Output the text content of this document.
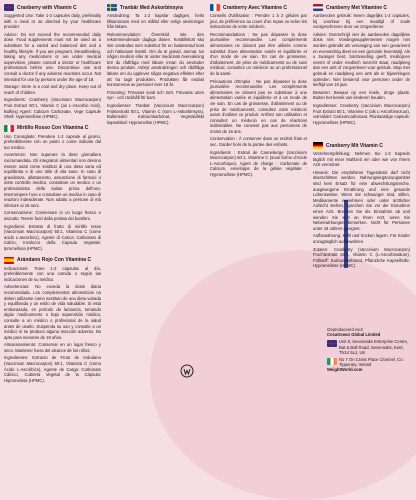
Cranberry with Vitamin C

Suggested Use: Take 1-2 capsules daily, preferably with a meal or as directed by your healthcare provider.

Advice: Do not exceed the recommended daily dose. Food supplements must not be used as a substitute for a varied and balanced diet and a healthy lifestyle. If you are pregnant, breastfeeding, taking any medications or are under medical supervision, please consult a doctor or healthcare professional before use. Discontinue use and consult a doctor if any adverse reactions occur. Not intended for use by persons under the age of 18.

Storage: Store in a cool and dry place. Keep out of reach of children.

Ingredients: Cranberry (Vaccinium Macrocarpon) Fruit Extract 50:1, Vitamin C (as L-Ascorbic Acid), Bulking Agent: Calcium Carbonate, Vege Capsule Shell: Hypromellose (HPMC).

Mirtillo Rosso Con Vitamina C

Uso Consigliato: Prendere 1-2 capsule al giorno, preferibilmente con un pasto o come indicato dal tuo medico.

Avvertenze: Non superare la dose giornaliera raccomandata. Gli integratori alimentari non devono essere usati come sostituti di una dieta varia ed equilibrata e di uno stile di vita sano. In caso di gravidanza, allattamento, assunzione di farmaci o sotto controllo medico, consultare un medico o un professionista della salute prima dell'uso. Interrompere l'uso e consultare un medico in caso di reazioni indesiderate. Non adatto a persone di età inferiore ai 18 anni.

Conservazione: Conservare in un luogo fresco e asciutto. Tenere fuori dalla portata dei bambini.

Ingredienti: Estratto di frutto di mirtillo rosso (Vaccinium Macrocarpon) 50:1, Vitamina C (come acido L-ascorbico), Agente di Carica: Carbonato di Calcio, Involucro della Capsula Vegetale: Ipromellosa (HPMC).

Arándano Rojo Con Vitamina C

Indicaciones: Tome 1-2 cápsulas al día, preferiblemente con una comida o según las indicaciones de su médico.

Advertencias: No exceda la dosis diaria recomendada. Los complementos alimenticios no deben utilizarse como sustituto de una dieta variada y equilibrada y un estilo de vida saludable. Si está embarazada, en período de lactancia, tomando algún medicamento o bajo supervisión médica, consulte a un médico o profesional de la salud antes de usarlo. Suspenda su uso y consulte a un médico si se produce alguna reacción adversa. No apto para menores de 18 años.

Almacenamiento: Conservar en un lugar fresco y seco. Mantener fuera del alcance de los niños.

Ingredientes: Extracto de Fruto de Arándano (Vaccinium Macrocarpon) 50:1, Vitamina C (como Ácido L-Ascórbico), Agente de Carga: Carbonato Cálcico, Cubierta Vegetal de la Cápsula: Hipromelosa (HPMC).

Tranbär Med Askorbinsyra

Användning: Ta 1-2 kapslar dagligen, helst tillsammans med en måltid eller enligt anvisningar från läkare.

Rekommendation: Överskrid inte den rekommenderade dagliga dosen. Kosttillskott ska inte användas som substitut för en balanserad kost och hälsosam livsstil. Om du är gravid, ammar, tar någon medicin eller är under medicinsk övervakning bör du rådfråga med läkare innan du använder denna produkt. Avbryt användningen och rådfråga läkare om du upplever några negativa effekter efter att ha tagit produkten. Produkten får endast konsumeras av personer över 18 år.

Förvaring: Förvaras svalt och torrt. Förvaras utom syn - och räckhåll för barn.

Ingredienser: Tranbär (Vaccinium Macrocarpon) Fruktextrakt 50:1, Vitamin C (som L-Askorbinsyra), Bulkmedel: Kalciumkarbonat, Vegetabiliskt kapselskal: Hypromellos (HPMC).

Cranberry Avec Vitamine C

Conseils d'Utilisation : Prendre 1 à 2 gélules par jour, de préférence au cours d'un repas ou selon les instructions de votre médecin.

Recommandations : Ne pas dépasser la dose journalière recommandée. Les compléments alimentaires ne doivent pas être utilisés comme substitut d'une alimentation variée et équilibrée et d'un mode de vie sain. En cas de grossesse, d'allaitement, de prise de médicaments ou de suivi médical, consultez un médecin ou un professionnel de la santé.

Précautions d'Emploi : Ne pas dépasser la dose journalière recommandée. Les compléments alimentaires ne doivent pas se substituer à une alimentation variée et équilibrée et à un mode de vie sain. En cas de grossesse, d'allaitement ou de prise de médicaments, consultez votre médecin avant d'utiliser ce produit. Arrêtez son utilisation et consultez un médecin en cas de réactions indésirables. Ne convient pas aux personnes de moins de 18 ans.

Conservation : À conserver dans un endroit frais et sec. Garder hors de la portée des enfants.

Ingrédients : Extrait de Canneberge (Vaccinium Macrocarpon) 50:1, Vitamine C (sous forme d'Acide L-Ascorbique), Agent de charge : Carbonate de Calcium, enveloppe de la gélule végétale : Hypromellose (HPMC).

Cranberry Met Vitamine C

Aanbevolen gebruik: Neem dagelijks 1-2 capsules, bij voorkeur bij een maaltijd of zoals voorgeschreven door uw zorgverlener.

Advies: Overschrijd niet de aanbevolen dagelijkse dosis niet. Voedingssupplementen mogen niet worden gebruikt als vervanging van een gevarieerd en evenwichtig dieet en een gezonde levensstijl. Als u zwanger bent, borstvoeding geeft, medicijnen neemt of onder medisch toezicht staat, raadpleeg dan een arts of zorgverlener voor gebruik. Stop met gebruik en raadpleeg een arts als er bijwerkingen optreden. Niet bestemd voor personen onder de leeftijd van 18 jaar.

Bewaren: Bewaar op een koele, droge plaats. Buiten het bereik van kinderen houden.

Ingrediënten: Cranberry (Vaccinium Macrocarpon) Fruit Extract 50:1, Vitamine C (als L-Ascorbinezuur), vulmiddel: Calciumcarbonaat, Plantaardige capsule: Hypromellose (HPMC).

Cranberry Mit Vitamin C

Verzehrempfehlung: Nehmen Sie 1-2 Kapseln täglich mit einer Mahlzeit ein oder wie von Ihrem Arzt verordnet.

Hinweis: Die empfohlene Tagesdosis darf nicht überschritten werden. Nahrungsergänzungsmittel sind kein Ersatz für eine abwechslungsreiche, ausgewogene Ernährung und eine gesunde Lebensweise. Wenn Sie schwanger sind, stillen, Medikamente einnehmen oder unter ärztlicher Aufsicht stehen, sprechen Sie vor der Einnahme einen Arzt. Brechen Sie die Einnahme ab und wenden Sie sich an Ihren Arzt, wenn Sie Nebenwirkungen bemerken. Nicht für Personen unter 18 Jahren geeignet.

Aufbewahrung: Kühl und trocken lagern. Für Kinder unzugänglich aufbewahren.

Zutaten: Cranberry (Vaccinium Macrocarpon) Fruchtextrakt 50:1, Vitamin C (L-Ascorbinsäure), Füllstoff: Kalziumkarbonat, Pflanzliche Kapselhülle: Hypromellose (HPMC).

Geproduceerd voor

CosaOcean Global Limited

Unit 8, Sevenoaks Enterprise Centre, Bat & Ball Road, Sevenoaks, Kent, TN14 5LJ, UK

No 7 On Cross Place Clonmel, Co. Tipperary, Ireland

WeightWorld.com
